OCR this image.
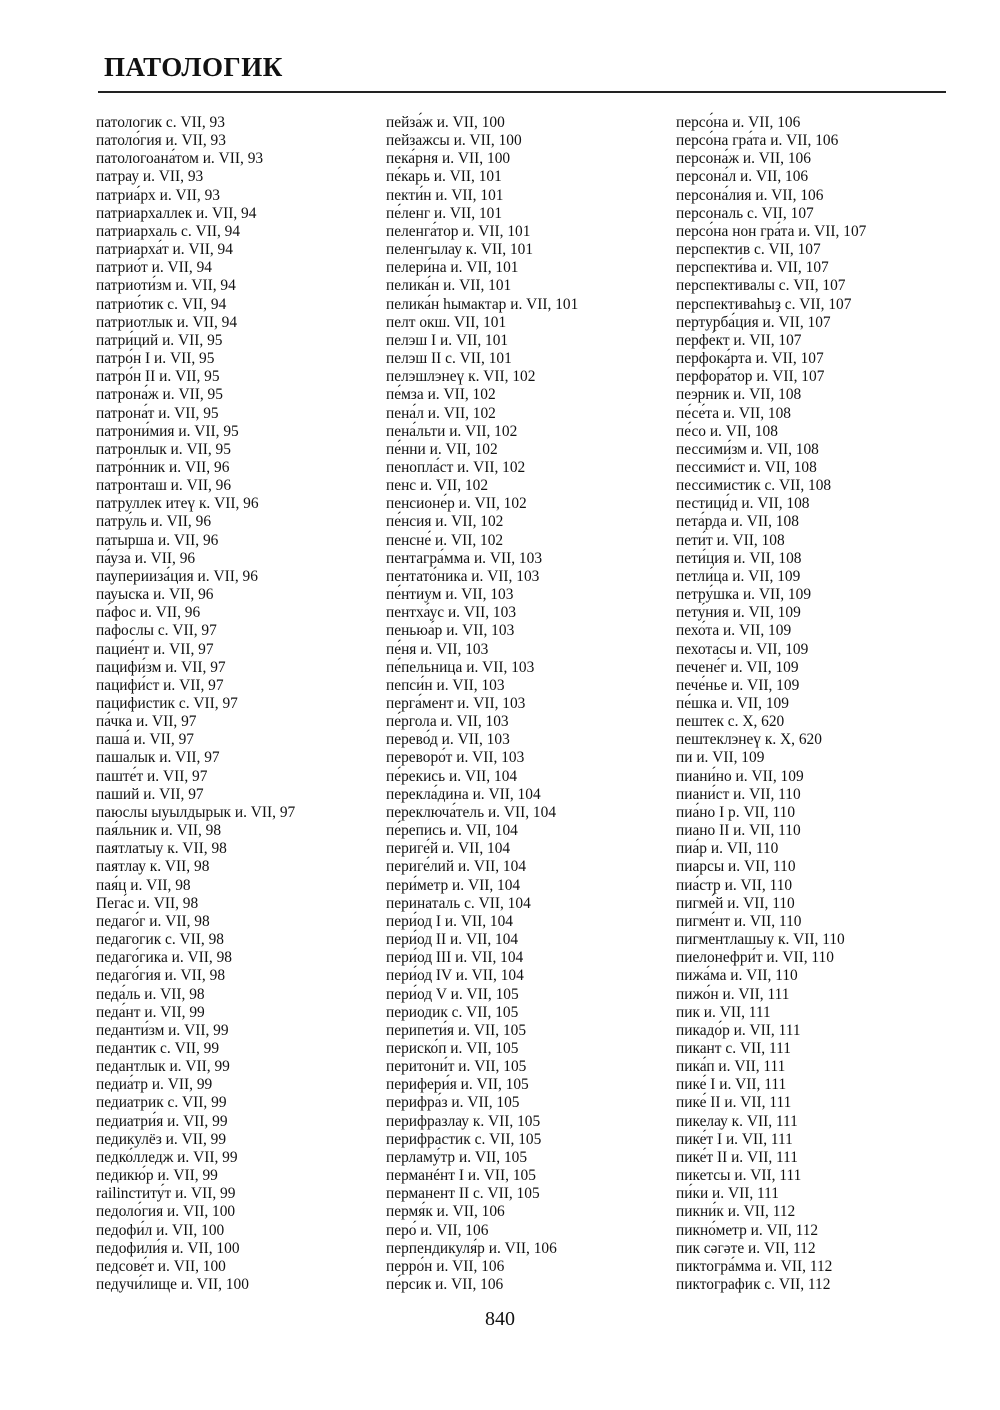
ПАТОЛОГИК
патологик с. VII, 93
патоло́гия и. VII, 93
патологоана́том и. VII, 93
патрау и. VII, 93
патриа́рх и. VII, 93
патриархаллек и. VII, 94
патриархаль с. VII, 94
патриарха́т и. VII, 94
патрио́т и. VII, 94
патриоти́зм и. VII, 94
патрио́тик с. VII, 94
патриотлык и. VII, 94
патри́ций и. VII, 95
патро́н I и. VII, 95
патро́н II и. VII, 95
патрона́ж и. VII, 95
патрона́т и. VII, 95
патрони́мия и. VII, 95
патронлык и. VII, 95
патро́нник и. VII, 96
патронташ и. VII, 96
патруллек итеү к. VII, 96
патру́ль и. VII, 96
патырша и. VII, 96
па́уза и. VII, 96
пауперииза́ция и. VII, 96
пауыска и. VII, 96
па́фос и. VII, 96
пафослы с. VII, 97
пацие́нт и. VII, 97
пацифи́зм и. VII, 97
пацифи́ст и. VII, 97
пацифистик с. VII, 97
па́чка и. VII, 97
паша́ и. VII, 97
пашалык и. VII, 97
паште́т и. VII, 97
паший и. VII, 97
паюслы ыуылдырык и. VII, 97
пая́льник и. VII, 98
паятлатыу к. VII, 98
паятлау к. VII, 98
пая́ц и. VII, 98
Пега́с и. VII, 98
педаго́г и. VII, 98
педагогик с. VII, 98
педаго́гика и. VII, 98
педаго́гия и. VII, 98
педа́ль и. VII, 98
педа́нт и. VII, 99
педанти́зм и. VII, 99
педантик с. VII, 99
педантлык и. VII, 99
педиа́тр и. VII, 99
педиатрик с. VII, 99
педиатри́я и. VII, 99
педикулёз и. VII, 99
педко́лледж и. VII, 99
педикю́р и. VII, 99
railinститу́т и. VII, 99
педоло́гия и. VII, 100
педофи́л и. VII, 100
педофили́я и. VII, 100
педсове́т и. VII, 100
педучи́лище и. VII, 100
пейза́ж и. VII, 100
пейзажсы и. VII, 100
пека́рня и. VII, 100
пе́карь и. VII, 101
пекти́н и. VII, 101
пе́ленг и. VII, 101
пеленга́тор и. VII, 101
пеленгылау к. VII, 101
пелери́на и. VII, 101
пелика́н и. VII, 101
пелика́н һымактар и. VII, 101
пелт окш. VII, 101
пелэш I и. VII, 101
пелэш II с. VII, 101
пелэшлэнеү к. VII, 102
пе́мза и. VII, 102
пена́л и. VII, 102
пена́льти и. VII, 102
пе́нни и. VII, 102
пенопла́ст и. VII, 102
пенс и. VII, 102
пенсионе́р и. VII, 102
пе́нсия и. VII, 102
пенсне́ и. VII, 102
пентагра́мма и. VII, 103
пентато́ника и. VII, 103
пе́нтиум и. VII, 103
пентха́ус и. VII, 103
пеньюа́р и. VII, 103
пе́ня и. VII, 103
пе́пельница и. VII, 103
пепси́н и. VII, 103
перга́мент и. VII, 103
пе́ргола и. VII, 103
перево́д и. VII, 103
переворо́т и. VII, 103
пе́рекись и. VII, 104
перекла́дина и. VII, 104
переключа́тель и. VII, 104
пе́репись и. VII, 104
периге́й и. VII, 104
периге́лий и. VII, 104
пери́метр и. VII, 104
перинаталь с. VII, 104
пери́од I и. VII, 104
пери́од II и. VII, 104
пери́од III и. VII, 104
пери́од IV и. VII, 104
пери́од V и. VII, 105
периодик с. VII, 105
перипети́я и. VII, 105
периско́п и. VII, 105
перитони́т и. VII, 105
перифери́я и. VII, 105
перифра́з и. VII, 105
перифразлау к. VII, 105
перифрастик с. VII, 105
перламу́тр и. VII, 105
перманéнт I и. VII, 105
перманент II с. VII, 105
пермя́к и. VII, 106
перо́ и. VII, 106
перпендикуля́р и. VII, 106
перро́н и. VII, 106
пе́рсик и. VII, 106
персо́на и. VII, 106
персо́на гра́та и. VII, 106
персона́ж и. VII, 106
персона́л и. VII, 106
персона́лия и. VII, 106
персональ с. VII, 107
персо́на нон гра́та и. VII, 107
перспектив с. VII, 107
перспекти́ва и. VII, 107
перспективалы с. VII, 107
перспективаһыҙ с. VII, 107
пертурба́ция и. VII, 107
перфе́кт и. VII, 107
перфока́рта и. VII, 107
перфора́тор и. VII, 107
пеэрник и. VII, 108
пе́се́та и. VII, 108
пе́со и. VII, 108
пессими́зм и. VII, 108
пессими́ст и. VII, 108
пессимистик с. VII, 108
пестици́д и. VII, 108
пета́рда и. VII, 108
пети́т и. VII, 108
пети́ция и. VII, 108
петли́ца и. VII, 109
петру́шка и. VII, 109
пету́ния и. VII, 109
пехо́та и. VII, 109
пехотасы и. VII, 109
печене́г и. VII, 109
пече́нье и. VII, 109
пе́шка и. VII, 109
пештек с. X, 620
пештеклэнеү к. X, 620
пи и. VII, 109
пиани́но и. VII, 109
пиани́ст и. VII, 110
пиа́но I р. VII, 110
пиано II и. VII, 110
пиа́р и. VII, 110
пиарсы и. VII, 110
пиа́стр и. VII, 110
пигме́й и. VII, 110
пигме́нт и. VII, 110
пигментлашыу к. VII, 110
пиелонефри́т и. VII, 110
пижа́ма и. VII, 110
пижо́н и. VII, 111
пик и. VII, 111
пикадо́р и. VII, 111
пикант с. VII, 111
пика́п и. VII, 111
пике́ I и. VII, 111
пике́ II и. VII, 111
пикелау к. VII, 111
пике́т I и. VII, 111
пике́т II и. VII, 111
пикетсы и. VII, 111
пи́ки и. VII, 111
пикни́к и. VII, 112
пикно́метр и. VII, 112
пик сəгəте и. VII, 112
пиктогра́мма и. VII, 112
пиктографик с. VII, 112
840
